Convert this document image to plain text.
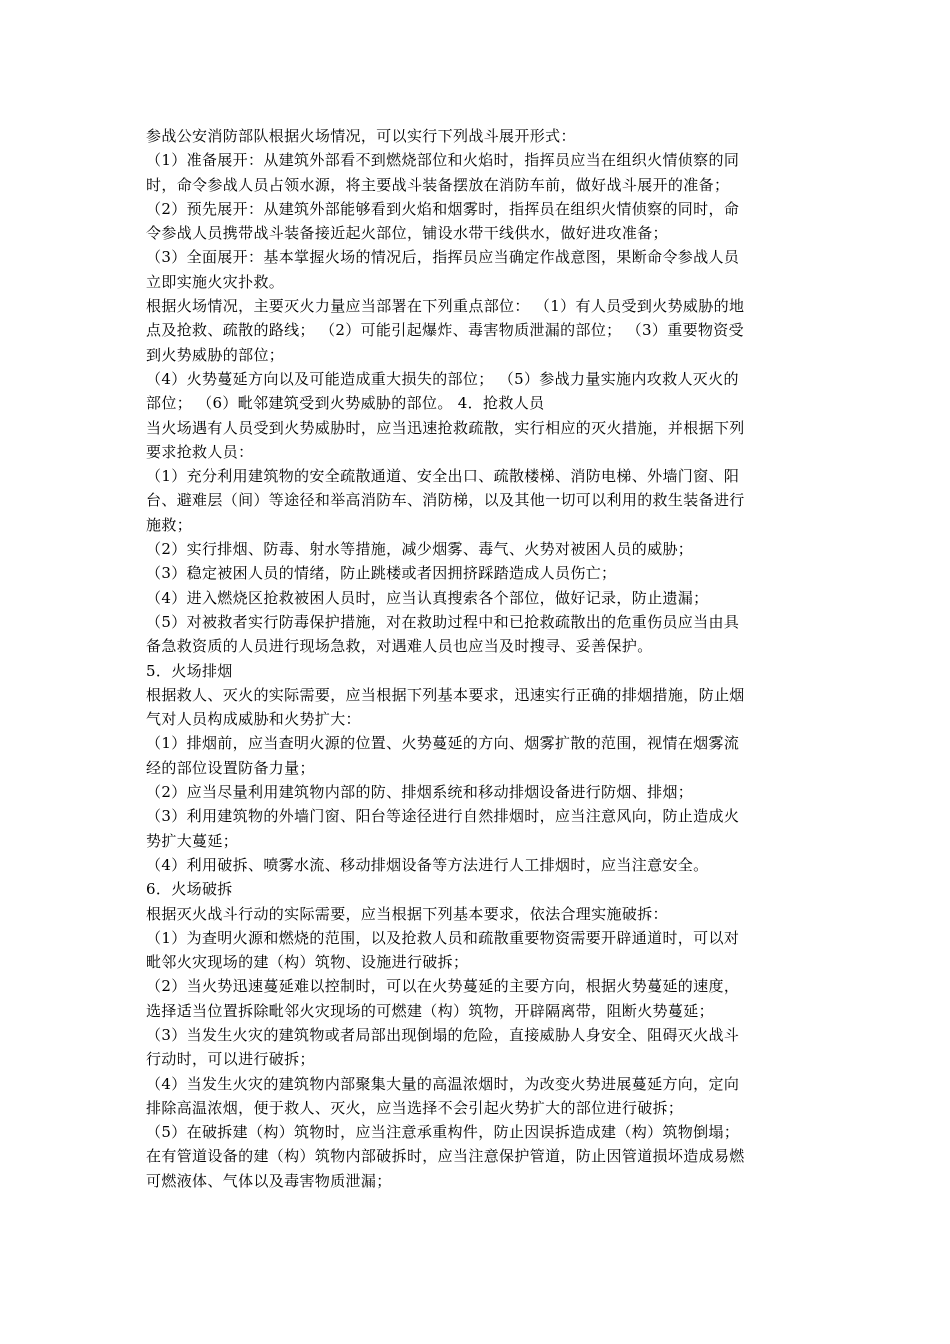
参战公安消防部队根据火场情况，可以实行下列战斗展开形式：
（1）准备展开：从建筑外部看不到燃烧部位和火焰时，指挥员应当在组织火情侦察的同
时，命令参战人员占领水源，将主要战斗装备摆放在消防车前，做好战斗展开的准备；
（2）预先展开：从建筑外部能够看到火焰和烟雾时，指挥员在组织火情侦察的同时，命
令参战人员携带战斗装备接近起火部位，铺设水带干线供水，做好进攻准备；
（3）全面展开：基本掌握火场的情况后，指挥员应当确定作战意图，果断命令参战人员
立即实施火灾扑救。
根据火场情况，主要灭火力量应当部署在下列重点部位： （1）有人员受到火势威胁的地
点及抢救、疏散的路线； （2）可能引起爆炸、毒害物质泄漏的部位； （3）重要物资受
到火势威胁的部位；
（4）火势蔓延方向以及可能造成重大损失的部位； （5）参战力量实施内攻救人灭火的
部位； （6）毗邻建筑受到火势威胁的部位。 4．抢救人员
当火场遇有人员受到火势威胁时，应当迅速抢救疏散，实行相应的灭火措施，并根据下列
要求抢救人员：
（1）充分利用建筑物的安全疏散通道、安全出口、疏散楼梯、消防电梯、外墙门窗、阳
台、避难层（间）等途径和举高消防车、消防梯，以及其他一切可以利用的救生装备进行
施救；
（2）实行排烟、防毒、射水等措施，减少烟雾、毒气、火势对被困人员的威胁；
（3）稳定被困人员的情绪，防止跳楼或者因拥挤踩踏造成人员伤亡；
（4）进入燃烧区抢救被困人员时，应当认真搜索各个部位，做好记录，防止遗漏；
（5）对被救者实行防毒保护措施，对在救助过程中和已抢救疏散出的危重伤员应当由具
备急救资质的人员进行现场急救，对遇难人员也应当及时搜寻、妥善保护。
5．火场排烟
根据救人、灭火的实际需要，应当根据下列基本要求，迅速实行正确的排烟措施，防止烟
气对人员构成威胁和火势扩大：
（1）排烟前，应当查明火源的位置、火势蔓延的方向、烟雾扩散的范围，视情在烟雾流
经的部位设置防备力量；
（2）应当尽量利用建筑物内部的防、排烟系统和移动排烟设备进行防烟、排烟；
（3）利用建筑物的外墙门窗、阳台等途径进行自然排烟时，应当注意风向，防止造成火
势扩大蔓延；
（4）利用破拆、喷雾水流、移动排烟设备等方法进行人工排烟时，应当注意安全。
6．火场破拆
根据灭火战斗行动的实际需要，应当根据下列基本要求，依法合理实施破拆：
（1）为查明火源和燃烧的范围，以及抢救人员和疏散重要物资需要开辟通道时，可以对
毗邻火灾现场的建（构）筑物、设施进行破拆；
（2）当火势迅速蔓延难以控制时，可以在火势蔓延的主要方向，根据火势蔓延的速度，
选择适当位置拆除毗邻火灾现场的可燃建（构）筑物，开辟隔离带，阻断火势蔓延；
（3）当发生火灾的建筑物或者局部出现倒塌的危险，直接威胁人身安全、阻碍灭火战斗
行动时，可以进行破拆；
（4）当发生火灾的建筑物内部聚集大量的高温浓烟时，为改变火势进展蔓延方向，定向
排除高温浓烟，便于救人、灭火，应当选择不会引起火势扩大的部位进行破拆；
（5）在破拆建（构）筑物时，应当注意承重构件，防止因误拆造成建（构）筑物倒塌；
在有管道设备的建（构）筑物内部破拆时，应当注意保护管道，防止因管道损坏造成易燃
可燃液体、气体以及毒害物质泄漏；
